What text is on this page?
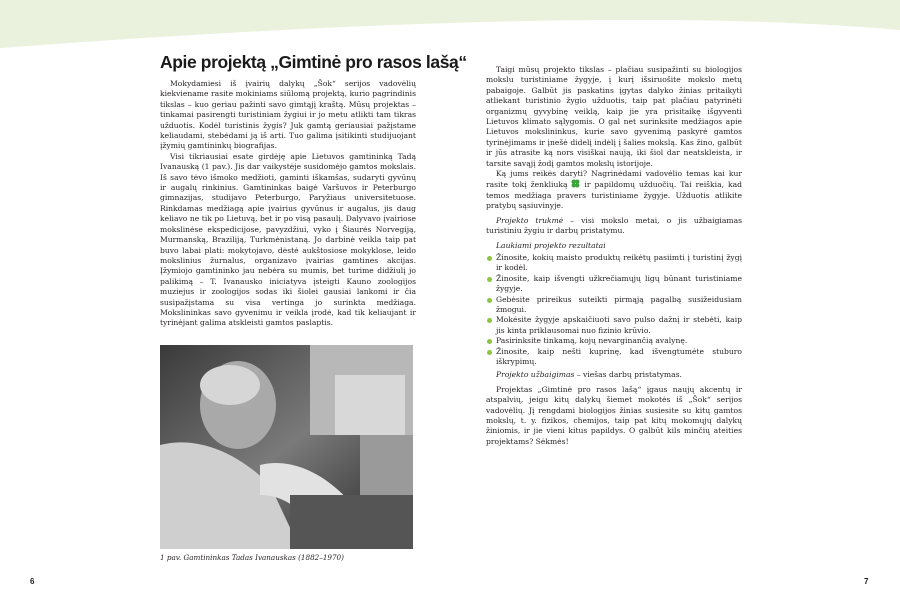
Apie projektą „Gimtinė pro rasos lašą“

Mokydamiesi iš įvairių dalykų „Šok“ serijos vadovėlių kiekviename rasite mokiniams siūlomą projektą, kurio pagrindinis tikslas – kuo geriau pažinti savo gimtąjį kraštą. Mūsų projektas – tinkamai pasirengti turistiniam žygiui ir jo metu atlikti tam tikras užduotis. Kodėl turistinis žygis? Juk gamtą geriausiai pažįstame keliaudami, stebėdami ją iš arti. Tuo galima įsitikinti studijuojant įžymių gamtininkų biografijas.

Visi tikriausiai esate girdėję apie Lietuvos gamtininką Tadą Ivanauską (1 pav.). Jis dar vaikystėje susidomėjo gamtos mokslais. Iš savo tėvo išmoko medžioti, gaminti iškamšas, sudaryti gyvūnų ir augalų rinkinius. Gamtininkas baigė Varšuvos ir Peterburgo gimnazijas, studijavo Peterburgo, Paryžiaus universitetuose. Rinkdamas medžiagą apie įvairius gyvūnus ir augalus, jis daug keliavo ne tik po Lietuvą, bet ir po visą pasaulį. Dalyvavo įvairiose mokslinėse ekspedicijose, pavyzdžiui, vyko į Šiaurės Norvegiją, Murmanską, Braziliją, Turkmėnistaną. Jo darbinė veikla taip pat buvo labai plati: mokytojavo, dėstė aukštosiose mokyklose, leido mokslinius žurnalus, organizavo įvairias gamtines akcijas. Įžymiojo gamtininko jau nebėra su mumis, bet turime didžiulį jo palikimą – T. Ivanausko iniciatyva įsteigti Kauno zoologijos muziejus ir zoologijos sodas iki šiolei gausiai lankomi ir čia susipažįstama su visa vertinga jo surinkta medžiaga. Mokslininkas savo gyvenimu ir veikla įrodė, kad tik keliaujant ir tyrinėjant galima atskleisti gamtos paslaptis.

1 pav. Gamtininkas Tadas Ivanauskas (1882–1970)

Taigi mūsų projekto tikslas – plačiau susipažinti su biologijos mokslu turistiniame žygyje, į kurį išsiruošite mokslo metų pabaigoje. Galbūt jis paskatins įgytas dalyko žinias pritaikyti atliekant turistinio žygio užduotis, taip pat plačiau patyrinėti organizmų gyvybinę veiklą, kaip jie yra prisitaikę išgyventi Lietuvos klimato sąlygomis. O gal net surinksite medžiagos apie Lietuvos mokslininkus, kurie savo gyvenimą paskyrė gamtos tyrinėjimams ir įnešė didelį indėlį į šalies mokslą. Kas žino, galbūt ir jūs atrasite ką nors visiškai naują, iki šiol dar neatskleista, ir tarsite savąjį žodį gamtos mokslų istorijoje.

Ką jums reikės daryti? Nagrinėdami vadovėlio temas kai kur rasite tokį ženkliuką ir papildomų užduočių. Tai reiškia, kad temos medžiaga pravers turistiniame žygyje. Užduotis atlikite pratybų sąsiuvinyje.

Projekto trukmė – visi mokslo metai, o jis užbaigiamas turistiniu žygiu ir darbų pristatymu.

Laukiami projekto rezultatai
Žinosite, kokių maisto produktų reikėtų pasiimti į turistinį žygį ir kodėl.
Žinosite, kaip išvengti užkrečiamųjų ligų būnant turistiniame žygyje.
Gebėsite prireikus suteikti pirmąją pagalbą susižeidusiam žmogui.
Mokėsite žygyje apskaičiuoti savo pulso dažnį ir stebėti, kaip jis kinta priklausomai nuo fizinio krūvio.
Pasirinksite tinkamą, kojų nevarginančią avalynę.
Žinosite, kaip nešti kuprinę, kad išvengtumėte stuburo iškrypimų.

Projekto užbaigimas – viešas darbų pristatymas.

Projektas „Gimtinė pro rasos lašą“ įgaus naujų akcentų ir atspalvių, jeigu kitų dalykų šiemet mokotės iš „Šok“ serijos vadovėlių. Jį rengdami biologijos žinias susiesite su kitų gamtos mokslų, t. y. fizikos, chemijos, taip pat kitų mokomųjų dalykų žiniomis, ir jie vieni kitus papildys. O galbūt kils minčių ateities projektams? Sėkmės!

6	7
